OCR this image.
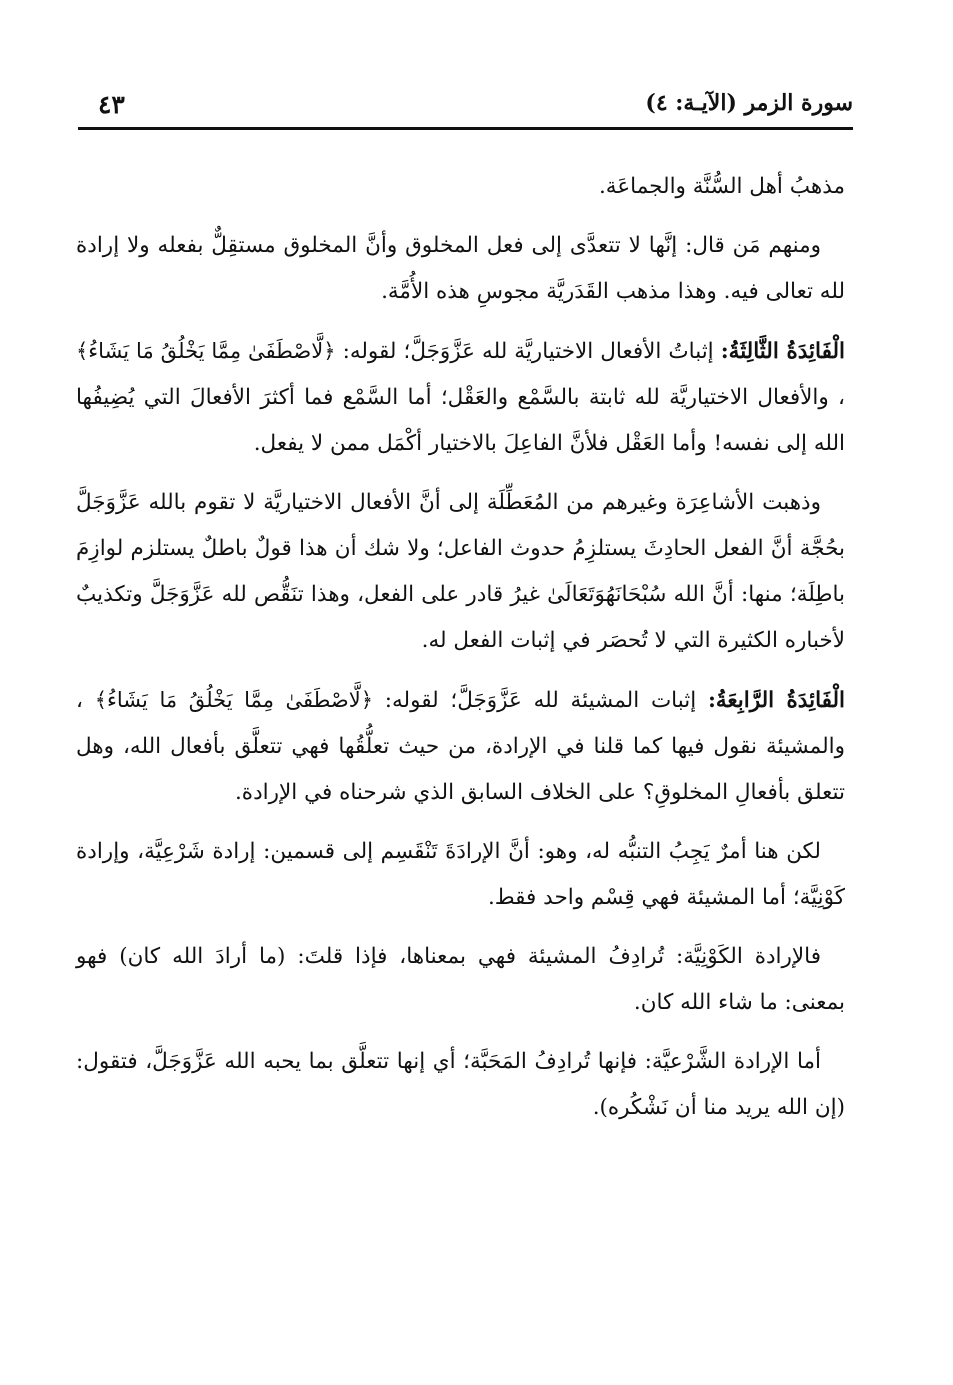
٤٣	سورة الزمر (الآيـة: ٤)

مذهبُ أهل السُّنَّة والجماعَة.

ومنهم مَن قال: إنَّها لا تتعدَّى إلى فعل المخلوق وأنَّ المخلوق مستقِلٌّ بفعله ولا إرادة لله تعالى فيه. وهذا مذهب القَدَريَّة مجوسِ هذه الأُمَّة.

الْفَائِدَةُ الثَّالِثَةُ: إثباتُ الأفعال الاختياريَّة لله عَزَّوَجَلَّ؛ لقوله: ﴿لَّاصْطَفَىٰ مِمَّا يَخْلُقُ مَا يَشَاءُ﴾ ، والأفعال الاختياريَّة لله ثابتة بالسَّمْع والعَقْل؛ أما السَّمْع فما أكثرَ الأفعالَ التي يُضِيفُها الله إلى نفسه! وأما العَقْل فلأنَّ الفاعِلَ بالاختيار أكْمَل ممن لا يفعل.

وذهبت الأشاعِرَة وغيرهم من المُعَطِّلَة إلى أنَّ الأفعال الاختياريَّة لا تقوم بالله عَزَّوَجَلَّ بحُجَّة أنَّ الفعل الحادِثَ يستلزِمُ حدوث الفاعل؛ ولا شك أن هذا قولٌ باطلٌ يستلزم لوازِمَ باطِلَة؛ منها: أنَّ الله سُبْحَانَهُوَتَعَالَىٰ غيرُ قادر على الفعل، وهذا تنَقُّص لله عَزَّوَجَلَّ وتكذيبٌ لأخباره الكثيرة التي لا تُحصَر في إثبات الفعل له.

الْفَائِدَةُ الرَّابِعَةُ: إثبات المشيئة لله عَزَّوَجَلَّ؛ لقوله: ﴿لَّاصْطَفَىٰ مِمَّا يَخْلُقُ مَا يَشَاءُ﴾ ، والمشيئة نقول فيها كما قلنا في الإرادة، من حيث تعلُّقُها فهي تتعلَّق بأفعال الله، وهل تتعلق بأفعالِ المخلوقِ؟ على الخلاف السابق الذي شرحناه في الإرادة.

لكن هنا أمرٌ يَجِبُ التنبُّه له، وهو: أنَّ الإرادَةَ تَنْقَسِم إلى قسمين: إرادة شَرْعِيَّة، وإرادة كَوْنِيَّة؛ أما المشيئة فهي قِسْم واحد فقط.

فالإرادة الكَوْنِيَّة: تُرادِفُ المشيئة فهي بمعناها، فإذا قلتَ: (ما أرادَ الله كان) فهو بمعنى: ما شاء الله كان.

أما الإرادة الشَّرْعيَّة: فإنها تُرادِفُ المَحَبَّة؛ أي إنها تتعلَّق بما يحبه الله عَزَّوَجَلَّ، فتقول: (إن الله يريد منا أن نَشْكُره).
